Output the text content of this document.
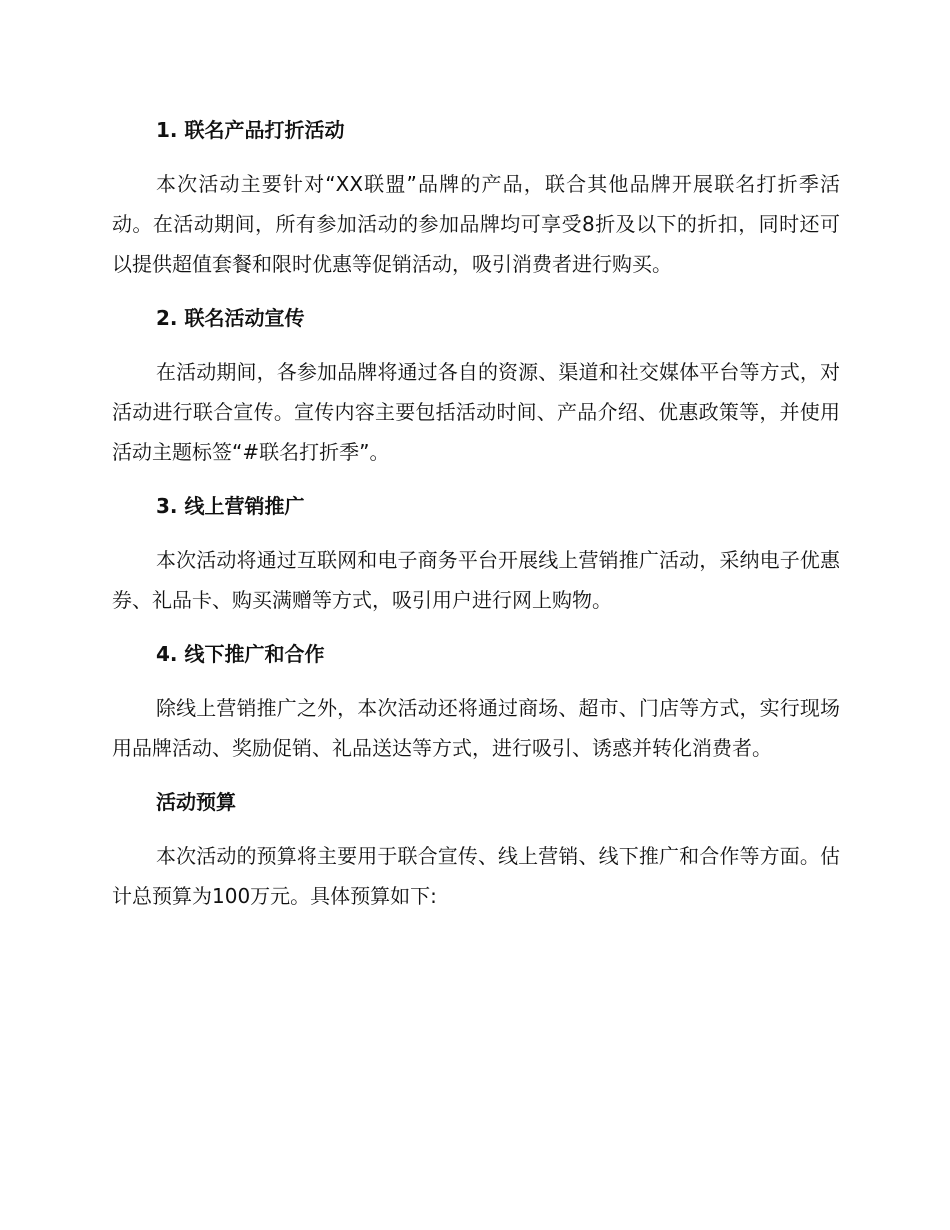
1. 联名产品打折活动

本次活动主要针对“XX联盟”品牌的产品，联合其他品牌开展联名打折季活动。在活动期间，所有参加活动的参加品牌均可享受8折及以下的折扣，同时还可以提供超值套餐和限时优惠等促销活动，吸引消费者进行购买。

2. 联名活动宣传

在活动期间，各参加品牌将通过各自的资源、渠道和社交媒体平台等方式，对活动进行联合宣传。宣传内容主要包括活动时间、产品介绍、优惠政策等，并使用活动主题标签“#联名打折季”。

3. 线上营销推广

本次活动将通过互联网和电子商务平台开展线上营销推广活动，采纳电子优惠券、礼品卡、购买满赠等方式，吸引用户进行网上购物。

4. 线下推广和合作

除线上营销推广之外，本次活动还将通过商场、超市、门店等方式，实行现场用品牌活动、奖励促销、礼品送达等方式，进行吸引、诱惑并转化消费者。

活动预算

本次活动的预算将主要用于联合宣传、线上营销、线下推广和合作等方面。估计总预算为100万元。具体预算如下:
